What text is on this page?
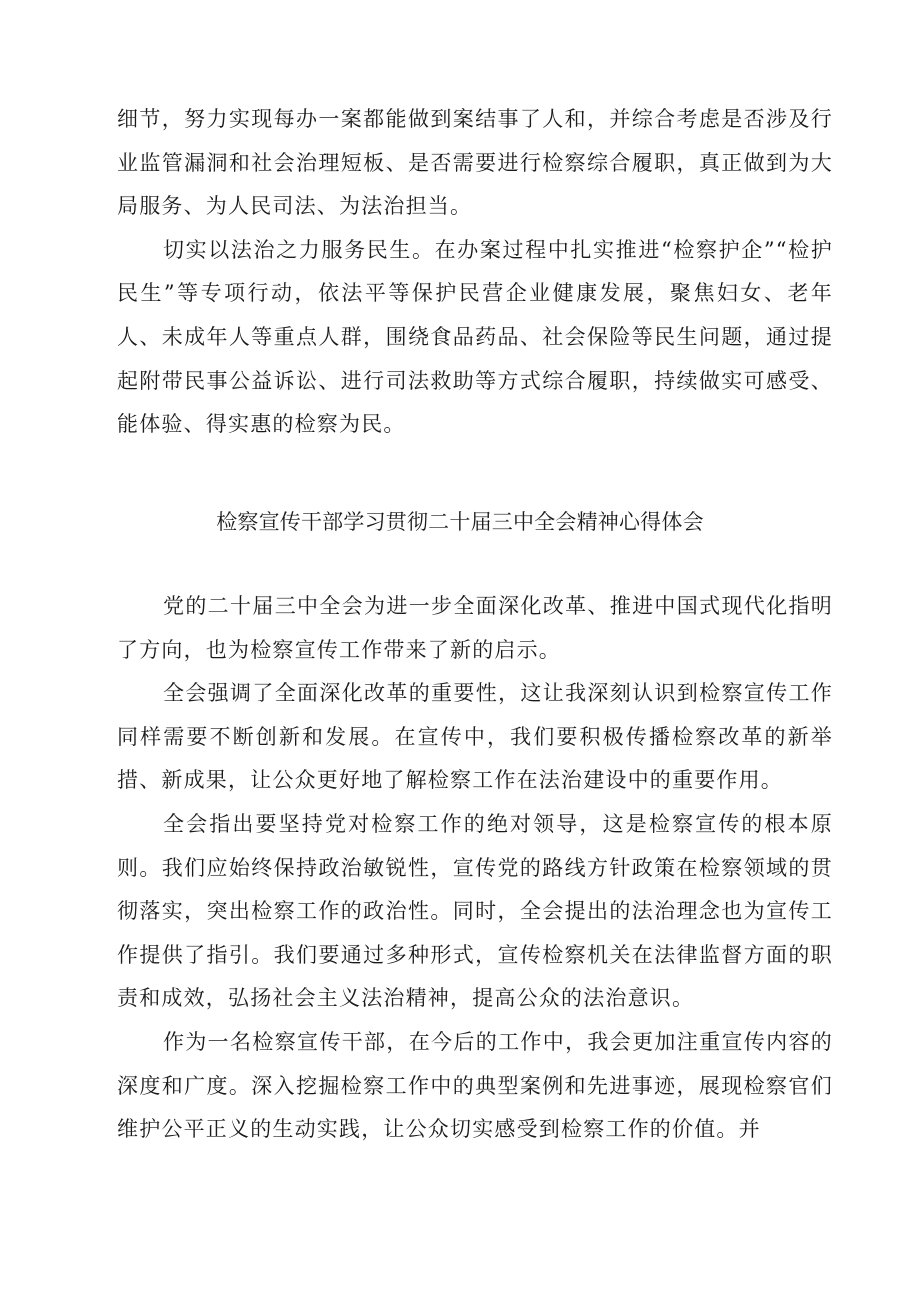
细节，努力实现每办一案都能做到案结事了人和，并综合考虑是否涉及行业监管漏洞和社会治理短板、是否需要进行检察综合履职，真正做到为大局服务、为人民司法、为法治担当。

切实以法治之力服务民生。在办案过程中扎实推进“检察护企”“检护民生”等专项行动，依法平等保护民营企业健康发展，聚焦妇女、老年人、未成年人等重点人群，围绕食品药品、社会保险等民生问题，通过提起附带民事公益诉讼、进行司法救助等方式综合履职，持续做实可感受、能体验、得实惠的检察为民。

检察宣传干部学习贯彻二十届三中全会精神心得体会

党的二十届三中全会为进一步全面深化改革、推进中国式现代化指明了方向，也为检察宣传工作带来了新的启示。

全会强调了全面深化改革的重要性，这让我深刻认识到检察宣传工作同样需要不断创新和发展。在宣传中，我们要积极传播检察改革的新举措、新成果，让公众更好地了解检察工作在法治建设中的重要作用。

全会指出要坚持党对检察工作的绝对领导，这是检察宣传的根本原则。我们应始终保持政治敏锐性，宣传党的路线方针政策在检察领域的贯彻落实，突出检察工作的政治性。同时，全会提出的法治理念也为宣传工作提供了指引。我们要通过多种形式，宣传检察机关在法律监督方面的职责和成效，弘扬社会主义法治精神，提高公众的法治意识。

作为一名检察宣传干部，在今后的工作中，我会更加注重宣传内容的深度和广度。深入挖掘检察工作中的典型案例和先进事迹，展现检察官们维护公平正义的生动实践，让公众切实感受到检察工作的价值。并
